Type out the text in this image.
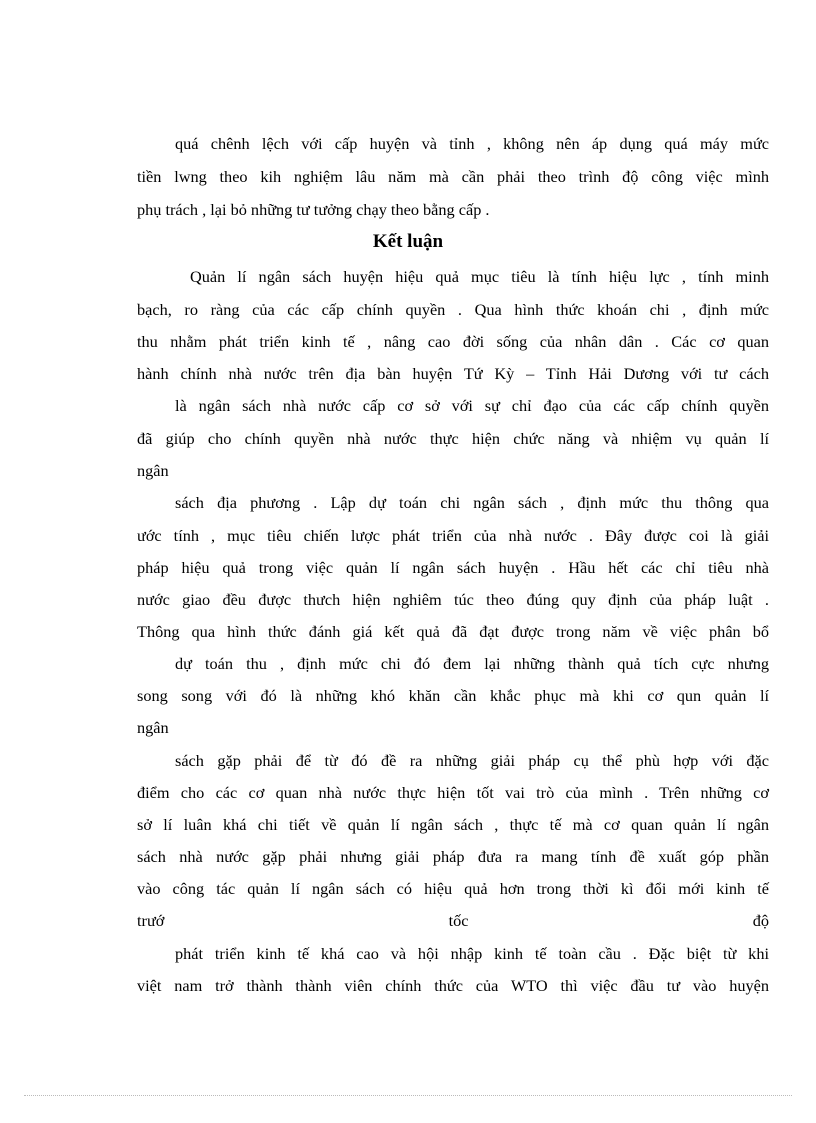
quá chênh lệch với cấp huyện và tỉnh , không nên áp dụng quá máy mức
tiền lwng theo kih nghiệm lâu năm mà cần phải theo trình độ công việc mình
phụ trách , lại bỏ những tư tưởng chạy theo bằng cấp .
Kết luận
Quản lí ngân sách huyện hiệu quả mục tiêu là tính hiệu lực , tính minh
bạch, ro ràng của các cấp chính quyền . Qua hình thức khoán chi , định mức
thu nhằm phát triển kinh tế , nâng cao đời sống của nhân dân . Các cơ quan
hành chính nhà nước trên địa bàn huyện Tứ Kỳ – Tỉnh Hải Dương với tư cách
là ngân sách nhà nước cấp cơ sở với sự chỉ đạo của các cấp chính quyền
đã giúp cho chính quyền nhà nước thực hiện chức năng và nhiệm vụ quản lí
ngân
sách địa phương . Lập dự toán chi ngân sách , định mức thu thông qua
ước tính , mục tiêu chiến lược phát triển của nhà nước . Đây được coi là giải
pháp hiệu quả trong việc quản lí ngân sách huyện . Hầu hết các chỉ tiêu nhà
nước giao đều được thưch hiện nghiêm túc theo đúng quy định của pháp luật .
Thông qua hình thức đánh giá kết quả đã đạt được trong năm về việc phân bổ
dự toán thu , định mức chi đó đem lại những thành quả tích cực nhưng
song song với đó là những khó khăn cần khắc phục mà khi cơ qun quản lí
ngân
sách gặp phải để từ đó đề ra những giải pháp cụ thể phù hợp với đặc
điểm cho các cơ quan nhà nước thực hiện tốt vai trò của mình . Trên những cơ
sở lí luân khá chi tiết về quản lí ngân sách , thực tế mà cơ quan quản lí ngân
sách nhà nước gặp phải nhưng giải pháp đưa ra mang tính đề xuất góp phần
vào công tác quản lí ngân sách có hiệu quả hơn trong thời kì đổi mới kinh tế
trướ tốc độ
phát triển kinh tế khá cao và hội nhập kinh tế toàn cầu . Đặc biệt từ khi
việt nam trở thành thành viên chính thức của WTO thì việc đầu tư vào huyện
